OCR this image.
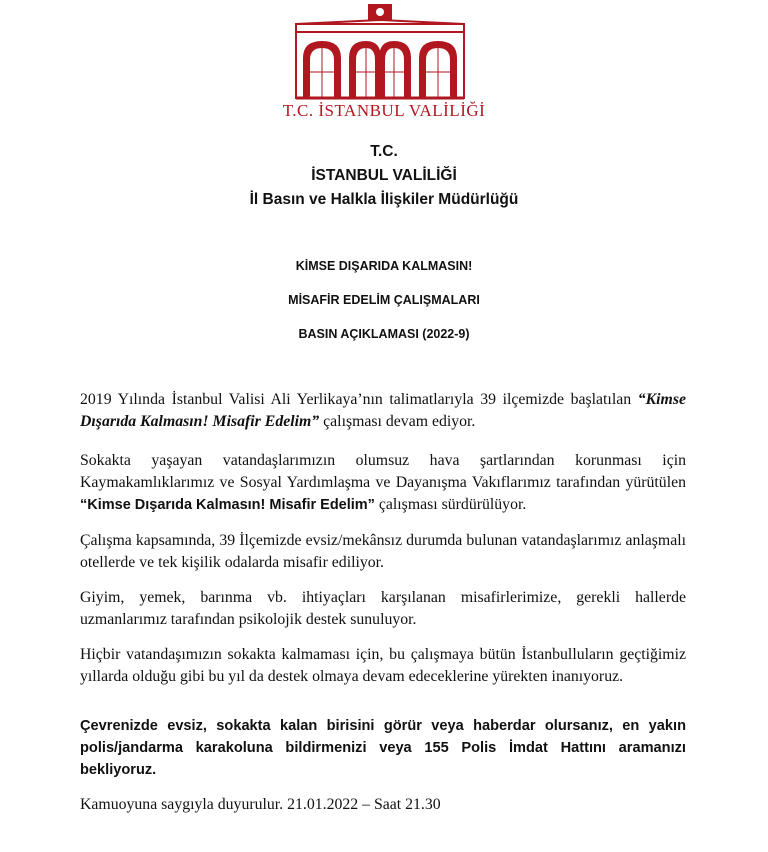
T.C. İSTANBUL VALİLİĞİ
T.C.
İSTANBUL VALİLİĞİ
İl Basın ve Halkla İlişkiler Müdürlüğü
KİMSE DIŞARIDA KALMASIN!
MİSAFİR EDELİM ÇALIŞMALARI
BASIN AÇIKLAMASI (2022-9)
2019 Yılında İstanbul Valisi Ali Yerlikaya’nın talimatlarıyla 39 ilçemizde başlatılan “Kimse Dışarıda Kalmasın! Misafir Edelim” çalışması devam ediyor.
Sokakta yaşayan vatandaşlarımızın olumsuz hava şartlarından korunması için Kaymakamlıklarımız ve Sosyal Yardımlaşma ve Dayanışma Vakıflarımız tarafından yürütülen “Kimse Dışarıda Kalmasın! Misafir Edelim” çalışması sürdürülüyor.
Çalışma kapsamında, 39 İlçemizde evsiz/mekânsız durumda bulunan vatandaşlarımız anlaşmalı otellerde ve tek kişilik odalarda misafir ediliyor.
Giyim, yemek, barınma vb. ihtiyaçları karşılanan misafirlerimize, gerekli hallerde uzmanlarımız tarafından psikolojik destek sunuluyor.
Hiçbir vatandaşımızın sokakta kalmaması için, bu çalışmaya bütün İstanbulluların geçtiğimiz yıllarda olduğu gibi bu yıl da destek olmaya devam edeceklerine yürekten inanıyoruz.
Çevrenizde evsiz, sokakta kalan birisini görür veya haberdar olursanız, en yakın polis/jandarma karakoluna bildirmenizi veya 155 Polis İmdat Hattını aramanızı bekliyoruz.
Kamuoyuna saygıyla duyurulur. 21.01.2022 – Saat 21.30
